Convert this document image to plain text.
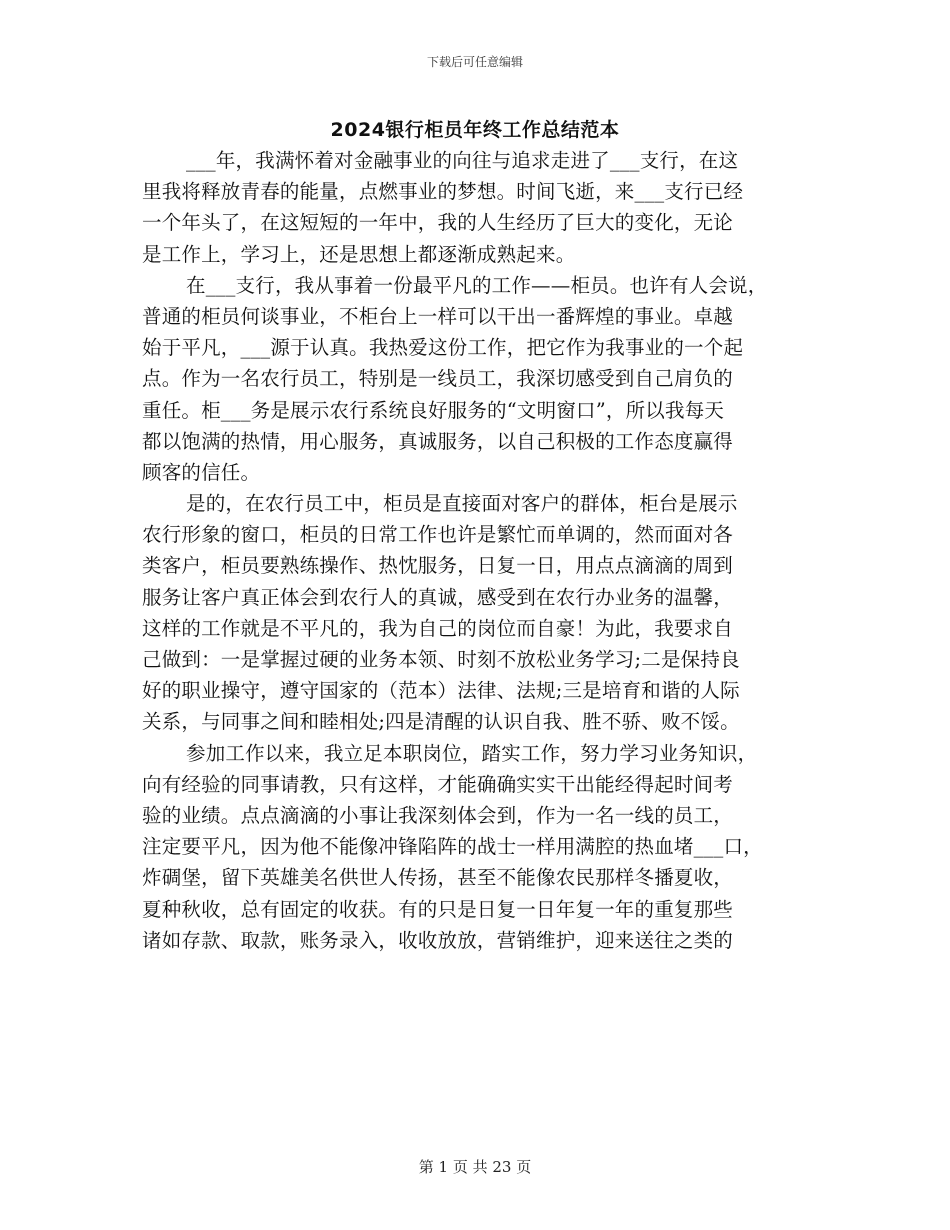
下载后可任意编辑
2024银行柜员年终工作总结范本
___年，我满怀着对金融事业的向往与追求走进了___支行，在这
里我将释放青春的能量，点燃事业的梦想。时间飞逝，来___支行已经
一个年头了，在这短短的一年中，我的人生经历了巨大的变化，无论
是工作上，学习上，还是思想上都逐渐成熟起来。
在___支行，我从事着一份最平凡的工作——柜员。也许有人会说，
普通的柜员何谈事业，不柜台上一样可以干出一番辉煌的事业。卓越
始于平凡，___源于认真。我热爱这份工作，把它作为我事业的一个起
点。作为一名农行员工，特别是一线员工，我深切感受到自己肩负的
重任。柜___务是展示农行系统良好服务的“文明窗口”，所以我每天
都以饱满的热情，用心服务，真诚服务，以自己积极的工作态度赢得
顾客的信任。
是的，在农行员工中，柜员是直接面对客户的群体，柜台是展示
农行形象的窗口，柜员的日常工作也许是繁忙而单调的，然而面对各
类客户，柜员要熟练操作、热忱服务，日复一日，用点点滴滴的周到
服务让客户真正体会到农行人的真诚，感受到在农行办业务的温馨，
这样的工作就是不平凡的，我为自己的岗位而自豪！为此，我要求自
己做到：一是掌握过硬的业务本领、时刻不放松业务学习;二是保持良
好的职业操守，遵守国家的（范本）法律、法规;三是培育和谐的人际
关系，与同事之间和睦相处;四是清醒的认识自我、胜不骄、败不馁。
参加工作以来，我立足本职岗位，踏实工作，努力学习业务知识，
向有经验的同事请教，只有这样，才能确确实实干出能经得起时间考
验的业绩。点点滴滴的小事让我深刻体会到，作为一名一线的员工，
注定要平凡，因为他不能像冲锋陷阵的战士一样用满腔的热血堵___口，
炸碉堡，留下英雄美名供世人传扬，甚至不能像农民那样冬播夏收，
夏种秋收，总有固定的收获。有的只是日复一日年复一年的重复那些
诸如存款、取款，账务录入，收收放放，营销维护，迎来送往之类的
第 1 页 共 23 页
